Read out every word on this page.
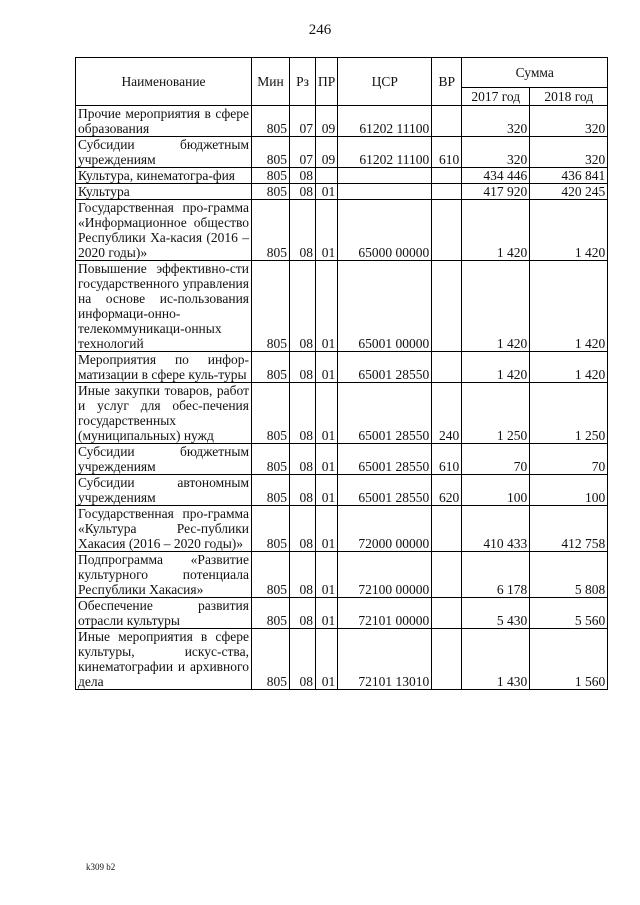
246
Наименование	Мин	Рз	ПР	ЦСР	ВР	Сумма	
						2017 год	2018 год
Прочие мероприятия в сфере образования	805	07	09	61202 11100		320	320
Субсидии бюджетным учреждениям	805	07	09	61202 11100	610	320	320
Культура, кинематогра-фия	805	08				434 446	436 841
Культура	805	08	01			417 920	420 245
Государственная про-грамма «Информационное общество Республики Ха-касия (2016 – 2020 годы)»	805	08	01	65000 00000		1 420	1 420
Повышение эффективно-сти государственного управления на основе ис-пользования информаци-онно-телекоммуникаци-онных технологий	805	08	01	65001 00000		1 420	1 420
Мероприятия по инфор-матизации в сфере куль-туры	805	08	01	65001 28550		1 420	1 420
Иные закупки товаров, работ и услуг для обес-печения государственных (муниципальных) нужд	805	08	01	65001 28550	240	1 250	1 250
Субсидии бюджетным учреждениям	805	08	01	65001 28550	610	70	70
Субсидии автономным учреждениям	805	08	01	65001 28550	620	100	100
Государственная про-грамма «Культура Рес-публики Хакасия (2016 – 2020 годы)»	805	08	01	72000 00000		410 433	412 758
Подпрограмма «Развитие культурного потенциала Республики Хакасия»	805	08	01	72100 00000		6 178	5 808
Обеспечение развития отрасли культуры	805	08	01	72101 00000		5 430	5 560
Иные мероприятия в сфере культуры, искус-ства, кинематографии и архивного дела	805	08	01	72101 13010		1 430	1 560
k309 b2
